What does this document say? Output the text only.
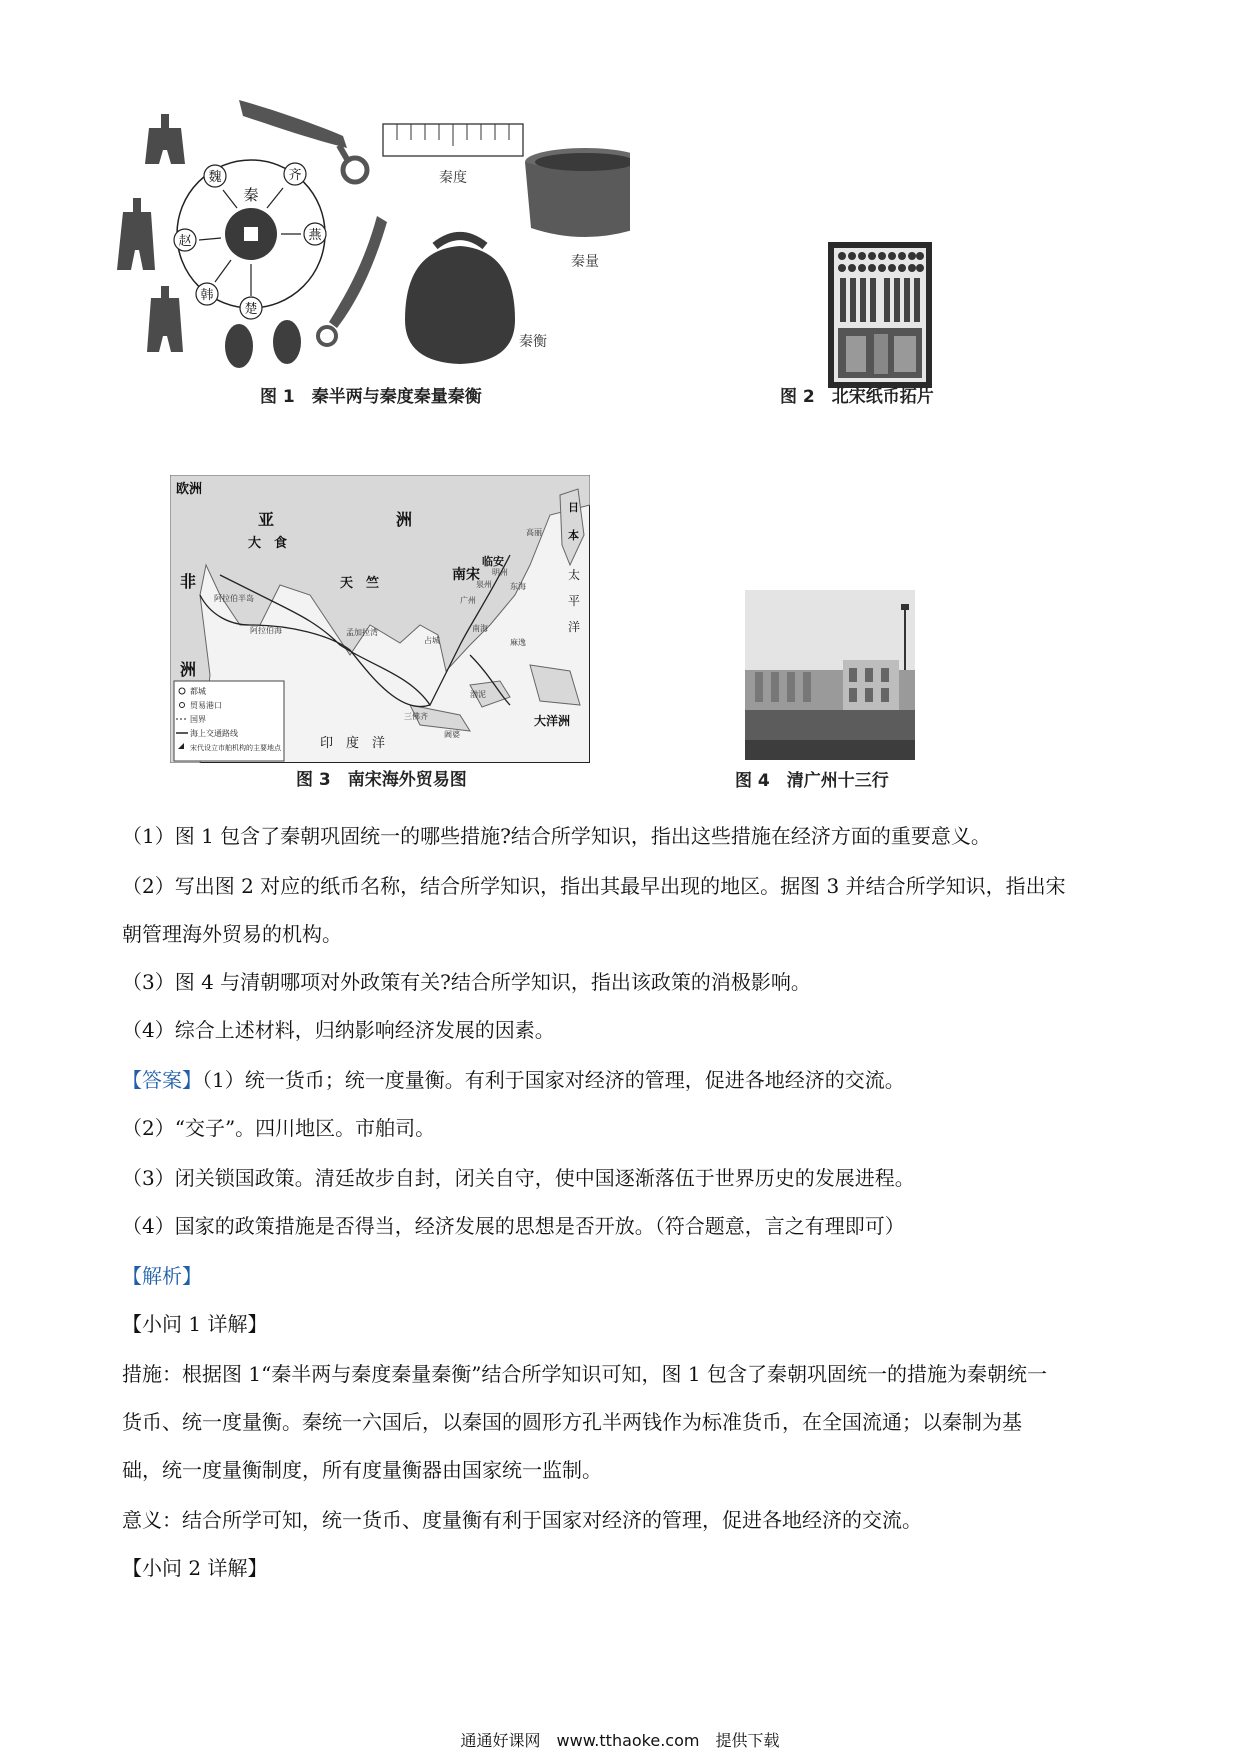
魏	齐
赵	燕
韩
楚
秦
秦度
秦量
秦衡
图 1　秦半两与秦度秦量秦衡	图 2　北宋纸币拓片
欧洲
亚	洲
非
洲
大　食
天　竺
临安
南宋
日
本
太
平
洋
印　度　洋
大洋洲
阿拉伯半岛
阿拉伯海	孟加拉湾
占城
三佛齐
渤泥
广州
泉州
明州
高丽
南海
东海
麻逸
阇婆
都城
贸易港口
国界
海上交通路线
宋代设立市舶机构的主要地点
图 3　南宋海外贸易图	图 4　清广州十三行
（1）图 1 包含了秦朝巩固统一的哪些措施?结合所学知识，指出这些措施在经济方面的重要意义。
（2）写出图 2 对应的纸币名称，结合所学知识，指出其最早出现的地区。据图 3 并结合所学知识，指出宋
朝管理海外贸易的机构。
（3）图 4 与清朝哪项对外政策有关?结合所学知识，指出该政策的消极影响。
（4）综合上述材料，归纳影响经济发展的因素。
【答案】（1）统一货币；统一度量衡。有利于国家对经济的管理，促进各地经济的交流。
（2）“交子”。四川地区。市舶司。
（3）闭关锁国政策。清廷故步自封，闭关自守，使中国逐渐落伍于世界历史的发展进程。
（4）国家的政策措施是否得当，经济发展的思想是否开放。（符合题意，言之有理即可）
【解析】
【小问 1 详解】
措施：根据图 1“秦半两与秦度秦量秦衡”结合所学知识可知，图 1 包含了秦朝巩固统一的措施为秦朝统一
货币、统一度量衡。秦统一六国后，以秦国的圆形方孔半两钱作为标准货币，在全国流通；以秦制为基
础，统一度量衡制度，所有度量衡器由国家统一监制。
意义：结合所学可知，统一货币、度量衡有利于国家对经济的管理，促进各地经济的交流。
【小问 2 详解】
通通好课网　www.tthaoke.com　提供下载
